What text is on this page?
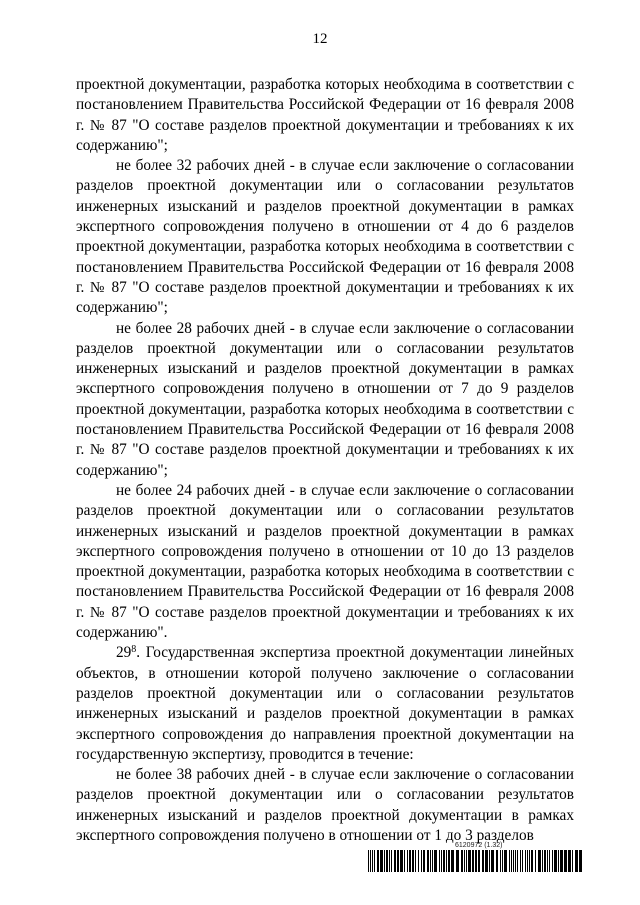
12

проектной документации, разработка которых необходима в соответствии с постановлением Правительства Российской Федерации от 16 февраля 2008 г. № 87 "О составе разделов проектной документации и требованиях к их содержанию";

не более 32 рабочих дней - в случае если заключение о согласовании разделов проектной документации или о согласовании результатов инженерных изысканий и разделов проектной документации в рамках экспертного сопровождения получено в отношении от 4 до 6 разделов проектной документации, разработка которых необходима в соответствии с постановлением Правительства Российской Федерации от 16 февраля 2008 г. № 87 "О составе разделов проектной документации и требованиях к их содержанию";

не более 28 рабочих дней - в случае если заключение о согласовании разделов проектной документации или о согласовании результатов инженерных изысканий и разделов проектной документации в рамках экспертного сопровождения получено в отношении от 7 до 9 разделов проектной документации, разработка которых необходима в соответствии с постановлением Правительства Российской Федерации от 16 февраля 2008 г. № 87 "О составе разделов проектной документации и требованиях к их содержанию";

не более 24 рабочих дней - в случае если заключение о согласовании разделов проектной документации или о согласовании результатов инженерных изысканий и разделов проектной документации в рамках экспертного сопровождения получено в отношении от 10 до 13 разделов проектной документации, разработка которых необходима в соответствии с постановлением Правительства Российской Федерации от 16 февраля 2008 г. № 87 "О составе разделов проектной документации и требованиях к их содержанию".

$29^8$. Государственная экспертиза проектной документации линейных объектов, в отношении которой получено заключение о согласовании разделов проектной документации или о согласовании результатов инженерных изысканий и разделов проектной документации в рамках экспертного сопровождения до направления проектной документации на государственную экспертизу, проводится в течение:

не более 38 рабочих дней - в случае если заключение о согласовании разделов проектной документации или о согласовании результатов инженерных изысканий и разделов проектной документации в рамках экспертного сопровождения получено в отношении от 1 до 3 разделов

6120972 (1.32)
